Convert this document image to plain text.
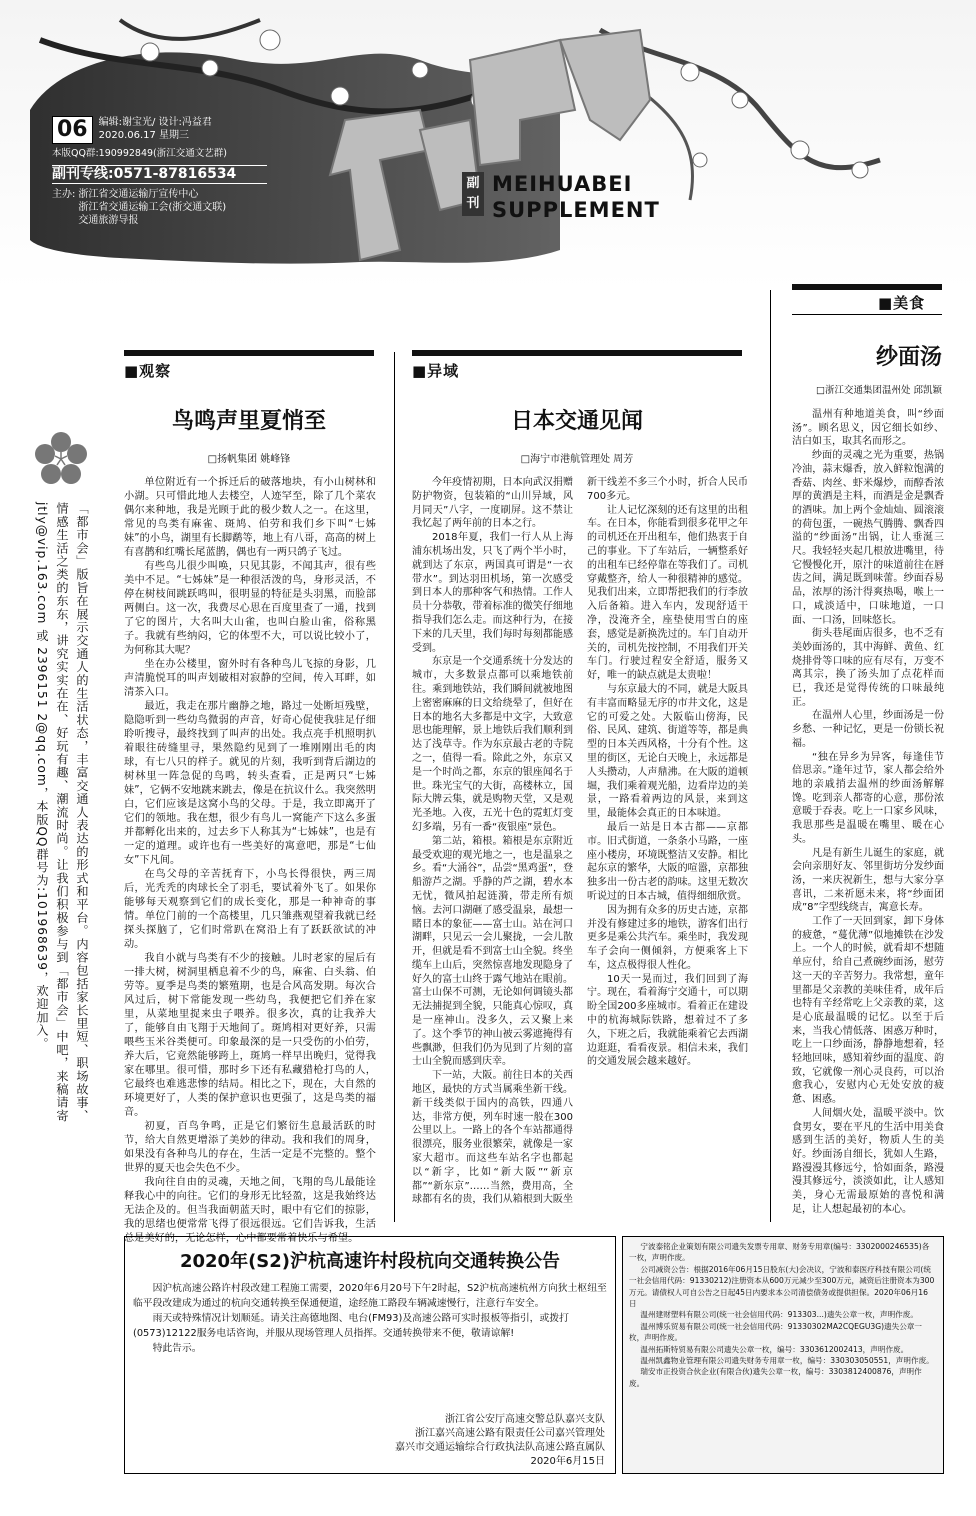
06	编辑:谢宝光/ 设计:冯益君
2020.06.17 星期三
本版QQ群:190992849(浙江交通文艺群)
副刊专线:0571-87816534
主办: 浙江省交通运输厅宣传中心
浙江省交通运输工会(浙交通文联)
交通旅游导报
副刊
MEIHUABEI
SUPPLEMENT
「都市会」版旨在展示交通人的生活状态，丰富交通人表达的形式和平台。内容包括家长里短、职场故事、
情感生活之类的东东，讲究实实在在、好玩有趣、潮流时尚。让我们积极参与到「都市会」中吧，来稿请寄
jtly@vip.163.com 或 2396151 2@qq.com，本版QQ群号为:101968639，欢迎加入。
■观察
鸟鸣声里夏悄至
□扬帆集团 姚峰锋

单位附近有一个拆迁后的破落地块，有小山树林和小湖。只可惜此地人去楼空，人迹罕至，除了几个菜农偶尔来种地，我是光顾于此的极少数人之一。在这里，常见的鸟类有麻雀、斑鸠、伯劳和我们乡下叫“七姊妹”的小鸟，湖里有长脚鹬等，地上有八哥，高高的树上有喜鹊和红嘴长尾蓝鹊，偶也有一两只鸽子飞过。

有些鸟儿很少叫唤，只见其影，不闻其声，很有些美中不足。“七姊妹”是一种很活泼的鸟，身形灵活，不停在树枝间跳跃鸣叫，很明显的特征是头羽黑，而脸部两侧白。这一次，我费尽心思在百度里查了一通，找到了它的图片，大名叫大山雀，也叫白脸山雀，俗称黑子。我就有些纳闷，它的体型不大，可以说比较小了，为何称其大呢？

坐在办公楼里，窗外时有各种鸟儿飞掠的身影，几声清脆悦耳的叫声划破相对寂静的空间，传入耳畔，如清茶入口。

最近，我走在那片幽静之地，路过一处断垣残壁，隐隐听到一些幼鸟微弱的声音，好奇心促使我驻足仔细聆听搜寻，最终找到了叫声的出处。我点亮手机照明扒着眼往砖缝里寻，果然隐约见到了一堆刚刚出毛的肉球，有七八只的样子。就见的片刻，我听到背后湖边的树林里一阵急促的鸟鸣，转头查看，正是两只“七姊妹”，它俩不安地跳来跳去，像是在抗议什么。我突然明白，它们应该是这窝小鸟的父母。于是，我立即离开了它们的领地。我在想，很少有鸟儿一窝能产下这么多蛋并都孵化出来的，过去乡下人称其为“七姊妹”，也是有一定的道理。或许也有一些美好的寓意吧，那是“七仙女”下凡间。

在鸟父母的辛苦抚育下，小鸟长得很快，两三周后，光秃秃的肉球长全了羽毛，要试着外飞了。如果你能够每天观察到它们的成长变化，那是一种神奇的事情。单位门前的一个高楼里，几只雏燕观望着我就已经探头探脑了，它们时常趴在窝沿上有了跃跃欲试的冲动。

我自小就与鸟类有不少的接触。儿时老家的屋后有一排大树，树洞里栖息着不少的鸟，麻雀、白头翁、伯劳等。夏季是鸟类的繁殖期，也是合风高发期。每次合风过后，树下常能发现一些幼鸟，我便把它们养在家里，从菜地里捉来虫子喂养。很多次，真的让我养大了，能够自由飞翔于天地间了。斑鸠相对更好养，只需喂些玉米谷类便可。印象最深的是一只受伤的小伯劳，养大后，它竟然能够跨上，斑鸠一样早出晚归，觉得我家在哪里。很可惜，那时乡下还有私藏猎枪打鸟的人，它最终也难逃悲惨的结局。相比之下，现在，大自然的环境更好了，人类的保护意识也更强了，这是鸟类的福音。

初夏，百鸟争鸣，正是它们繁衍生息最活跃的时节，给大自然更增添了美妙的律动。我和我们的周身，如果没有各种鸟儿的存在，生活一定是不完整的。整个世界的夏天也会失色不少。

我向往自由的灵魂，天地之间，飞翔的鸟儿最能诠释我心中的向往。它们的身形无比轻盈，这是我始终达无法企及的。但当我面朝蓝天时，眼中有它们的掠影，我的思绪也便常常飞得了很远很远。它们告诉我，生活总是美好的，无论怎样，心中都要常着快乐与希望。

■异域
日本交通见闻
□海宁市港航管理处 周芳

今年疫情初期，日本向武汉捐赠防护物资，包装箱的“山川异域，风月同天”八字，一度刷屏。这不禁让我忆起了两年前的日本之行。

2018年夏，我们一行人从上海浦东机场出发，只飞了两个半小时，就到达了东京，两国真可谓是“一衣带水”。到达羽田机场，第一次感受到日本人的那种客气和热情。工作人员十分恭敬，带着标准的微笑仔细地指导我们怎么走。而这种行为，在接下来的几天里，我们每时每刻都能感受到。

东京是一个交通系统十分发达的城市，大多数景点都可以乘地铁前往。乘到地铁站，我们瞬间就被地图上密密麻麻的日文给绕晕了，但好在日本的地名大多都是中文字，大致意思也能理解，景上地铁后我们顺利到达了浅草寺。作为东京最古老的寺院之一，值得一看。除此之外，东京又是一个时尚之都，东京的银座闻名于世。珠光宝气的大街，高楼林立，国际大牌云集，就是购物天堂，又是观光圣地。入夜，五光十色的霓虹灯变幻多端，另有一番“夜银座”景色。

第二站，箱根。箱根是东京附近最受欢迎的观光地之一，也是温泉之乡。看“大涌谷”，品尝“黑鸡蛋”，登船游芦之湖。乎静的芦之湖，碧水本无忧，微风拍起涟漪，带走所有烦恼。去河口湖砸了感受温泉，最想一睹日本的象征——富士山。站在河口湖畔，只见云一会儿聚拢，一会儿散开，但就是看不到富士山全貌。终坐缆车上山后，突然惊喜地发现隐身了好久的富士山终于露气地站在眼前。富士山保不可测，无论如何调镜头都无法捕捉到全貌，只能真心惊叹，真是一座神山。没多久，云又聚上来了。这个季节的神山被云雾遮掩得有些飘渺，但我们仍为见到了片刻的富士山全貌而感到庆幸。

下一站，大阪。前往日本的关西地区，最快的方式当属乘坐新干线。新干线类似于国内的高铁，四通八达，非常方便，列车时速一般在300公里以上。一路上的各个车站都通得很漂亮，服务业很繁荣，就像是一家家大超市。而这些车站名字也都起以“新字，比如“新大阪”“新京都”“新东京”……当然，费用高，全球都有名的贵，我们从箱根到大阪坐新干线差不多三个小时，折合人民币700多元。

让人记忆深刻的还有这里的出租车。在日本，你能看到很多花甲之年的司机还在开出租车，他们热衷于自己的事业。下了车站后，一辆整系好的出租车已经停靠在等我们了。司机穿戴整齐，给人一种很精神的感觉。见我们出来，立即帮把我们的行李放入后备箱。进入车内，发现舒适干净，没淹齐全，座垫使用雪白的座套，感觉是新换洗过的。车门自动开关的，司机先按控制，不用我们开关车门。行驶过程安全舒适，服务又好，唯一的缺点就是太贵啦！

与东京最大的不同，就是大阪具有丰富而略显无序的市井文化，这是它的可爱之处。大阪临山傍海，民俗、民风、建筑、街道等等，都是典型的日本关西风格，十分有个性。这里的街区，无论白天晚上，永远都是人头攒动，人声鼎沸。在大阪的道顿堀，我们乘着观光船，边看岸边的美景，一路看着两边的风景，来到这里，最能体会真正的日本味道。

最后一站是日本古都——京都市。旧式街道，一条条小马路，一座座小楼房，环境既整洁又安静。相比起东京的繁华，大阪的喧嚣，京都独独多出一份古老的韵味。这里无数次听说过的日本古城，值得细细欣赏。

因为拥有众多的历史古迹，京都并没有修建过多的地铁，游客们出行更多是乘公共汽车。乘坐时，我发现车子会向一侧倾斜，方便乘客上下车，这点极得很人性化。

10天一晃而过，我们回到了海宁。现在，看着海宁交通十，可以期盼全国200多座城市。看着正在建设中的杭海城际铁路，想着过不了多久，下班之后，我就能乘着它去西湖边逛逛，看看夜景。相信未来，我们的交通发展会越来越好。

■美食
纱面汤
□浙江交通集团温州处 邱凯颖

温州有种地道美食，叫“纱面汤”。顾名思义，因它细长如纱、洁白如玉，取其名而形之。

纱面的灵魂之光为重要，热锅冷油，蒜末爆香，放入鲜粒饱满的香菇、肉丝、虾米爆炒，而醇香浓厚的黄酒是主料，而酒是金是飘香的酒味。加上两个金灿灿、圆滚滚的荷包蛋，一碗热气腾腾、飘香四溢的“纱面汤”出锅，让人垂涎三尺。我轻轻夹起几根放进嘴里，待它慢慢化开，原汁的味道前往在唇齿之间，满足既到味蕾。纱面吞易品，浓厚的汤汁得爽热喝，喉上一口，咸淡适中，口味地道，一口面、一口汤，回味悠长。

街头巷尾面店很多，也不乏有美妙面汤的，其中海鲜、黄鱼、红烧排骨等口味的应有尽有，万变不离其宗，换了汤头加了点花样而已，我还是觉得传统的口味最纯正。

在温州人心里，纱面汤是一份乡愁、一种记忆，更是一份锁长祝福。

“独在异乡为异客，每逢佳节倍思亲。”逢年过节，家人都会给外地的亲戚捎去温州的纱面汤解解馋。吃到亲人都寄的心意，那份浓意暖于吞表。吃上一口家乡风味，我思那些是温暖在嘴里、暖在心头。

凡是有新生儿诞生的家庭，就会向亲朋好友、邻里街坊分发纱面汤，一来庆祝新生，想与大家分享喜讯，二来祈愿未来，将“纱面团成”8”字型线绕吉，寓意长寿。

工作了一天回到家，卸下身体的疲惫，“蔓优薄”似地摊铁在沙发上。一个人的时候，就看却不想随单应付，给自己煮碗纱面汤，慰劳这一天的辛苦努力。我常想，童年里都是父亲教的美味佳肴，成年后也特有辛经常吃上父亲教的菜，这是心底最温暖的记忆。以至于后来，当我心情低落、困惑万种时，吃上一口纱面汤，静静地想着，轻轻地回味，感知着纱面的温度、韵致，它就像一剂心灵良药，可以治愈我心，安慰内心无处安放的疲惫、困惑。

人间烟火处，温暖平淡中。饮食男女，要在平凡的生活中用美食感到生活的美好，物质人生的美好。纱面汤自细长，犹如人生路，路漫漫其修远兮，恰如面条，路漫漫其修远兮，淡淡如此，让人感知美，身心无需最原始的喜悦和满足，让人想起最初的本心。

2020年(S2)沪杭高速许村段杭向交通转换公告

因沪杭高速公路许村段改建工程施工需要，2020年6月20号下午2时起，S2沪杭高速杭州方向狄土枢纽至临平段改建成为通过的杭向交通转换至保通便道，途经施工路段车辆减速慢行，注意行车安全。

雨天或特殊情况计划顺延。请关注高德地图、电台(FM93)及高速公路可实时报板等指引，或拨打(0573)12122服务电话咨询，并服从现场管理人员指挥。交通转换带来不便，敬请谅解!

特此告示。

浙江省公安厅高速交警总队嘉兴支队
浙江嘉兴高速公路有限责任公司嘉兴管理处
嘉兴市交通运输综合行政执法队高速公路直属队
2020年6月15日

宁波泰铭企业策划有限公司遗失发票专用章、财务专用章(编号：3302000246535)各一枚，声明作废。

公司减资公告：根据2016年06月15日股东(大)会决议，宁波和泰医疗科技有限公司(统一社会信用代码：91330212)注册资本从600万元减少至300万元，减资后注册资本为300万元。请债权人可自公告之日起45日内要求本公司清偿债务或提供担保。2020年06月16日

温州建财塑料有限公司(统一社会信用代码：913303...)遗失公章一枚，声明作废。

温州博乐贸易有限公司(统一社会信用代码：91330302MA2CQEGU3G)遗失公章一枚，声明作废。

温州拓斯特贸易有限公司遗失公章一枚，编号：3303612002413，声明作废。

温州凯鑫物业管理有限公司遗失财务专用章一枚，编号：330303050551，声明作废。

瑞安市正投资合伙企业(有限合伙)遗失公章一枚，编号：3303812400876，声明作废。
